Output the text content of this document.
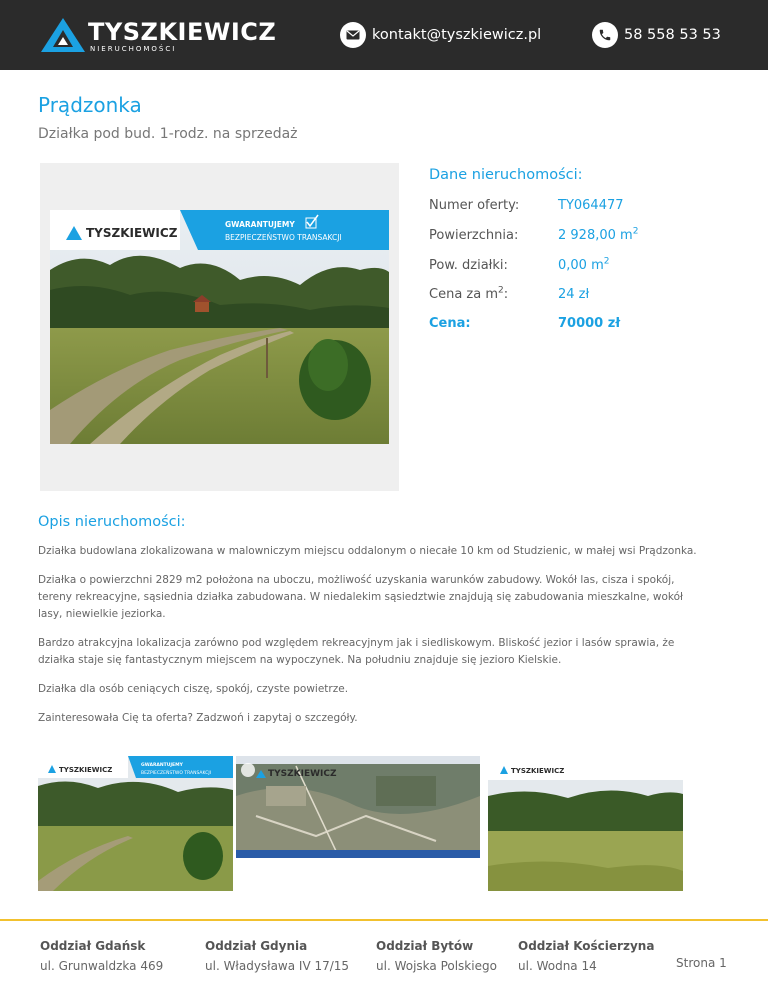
TYSZKIEWICZ
NIERUCHOMOŚCI
kontakt@tyszkiewicz.pl	58 558 53 53
Prądzonka
Działka pod bud. 1-rodz. na sprzedaż
TYSZKIEWICZ
GWARANTUJEMY
BEZPIECZEŃSTWO TRANSAKCJI
Dane nieruchomości:
Numer oferty:	TY064477
Powierzchnia:	2 928,00 $m^2$
Pow. działki:	0,00 $m^2$
Cena za $m^2$:	24 zł
Cena:	70000 zł
Opis nieruchomości:

Działka budowlana zlokalizowana w malowniczym miejscu oddalonym o niecałe 10 km od Studzienic, w małej wsi Prądzonka.

Działka o powierzchni 2829 m2 położona na uboczu, możliwość uzyskania warunków zabudowy. Wokół las, cisza i spokój, tereny rekreacyjne, sąsiednia działka zabudowana. W niedalekim sąsiedztwie znajdują się zabudowania mieszkalne, wokół lasy, niewielkie jeziorka.

Bardzo atrakcyjna lokalizacja zarówno pod względem rekreacyjnym jak i siedliskowym. Bliskość jezior i lasów sprawia, że działka staje się fantastycznym miejscem na wypoczynek. Na południu znajduje się jezioro Kielskie.

Działka dla osób ceniących ciszę, spokój, czyste powietrze.

Zainteresowała Cię ta oferta? Zadzwoń i zapytaj o szczegóły.

TYSZKIEWICZ
GWARANTUJEMY
BEZPIECZEŃSTWO TRANSAKCJI	TYSZKIEWICZ	TYSZKIEWICZ
Oddział Gdańsk
ul. Grunwaldzka 469
Oddział Gdynia
ul. Władysława IV 17/15
Oddział Bytów
ul. Wojska Polskiego
Oddział Kościerzyna
ul. Wodna 14	Strona 1
